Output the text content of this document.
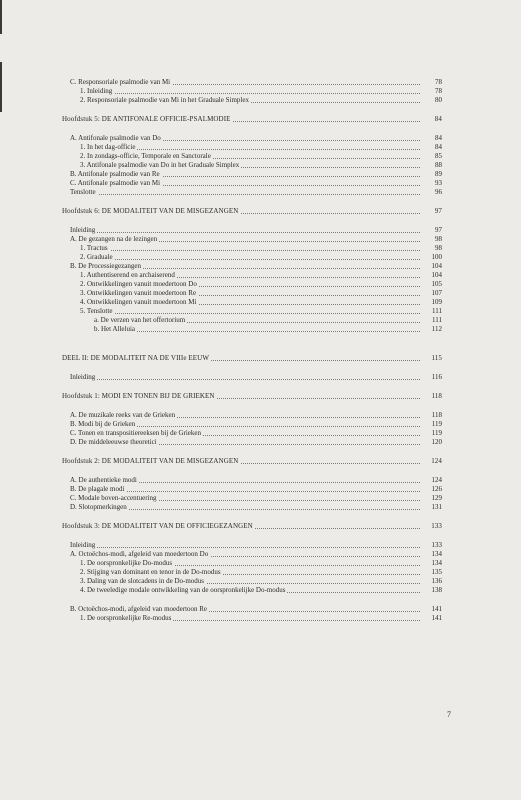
C. Responsoriale psalmodie van Mi	78
1. Inleiding	78
2. Responsoriale psalmodie van Mi in het Graduale Simplex	80
Hoofdstuk 5: DE ANTIFONALE OFFICIE-PSALMODIE	84
A. Antifonale psalmodie van Do	84
1. In het dag-officie	84
2. In zondags-officie, Temporale en Sanctorale	85
3. Antifonale psalmodie van Do in het Graduale Simplex	88
B. Antifonale psalmodie van Re	89
C. Antifonale psalmodie van Mi	93
Tenslotte	96
Hoofdstuk 6: DE MODALITEIT VAN DE MISGEZANGEN	97
Inleiding	97
A. De gezangen na de lezingen	98
1. Tractus	98
2. Graduale	100
B. De Processiegezangen	104
1. Authentiserend en archaiserend	104
2. Ontwikkelingen vanuit moedertoon Do	105
3. Ontwikkelingen vanuit moedertoon Re	107
4. Ontwikkelingen vanuit moedertoon Mi	109
5. Tenslotte	111
a. De verzen van het offertorium	111
b. Het Alleluia	112
DEEL II: DE MODALITEIT NA DE VIIIe EEUW	115
Inleiding	116
Hoofdstuk 1: MODI EN TONEN BIJ DE GRIEKEN	118
A. De muzikale reeks van de Grieken	118
B. Modi bij de Grieken	119
C. Tonen en transpositiereeksen bij de Grieken	119
D. De middeleeuwse theoretici	120
Hoofdstuk 2: DE MODALITEIT VAN DE MISGEZANGEN	124
A. De authentieke modi	124
B. De plagale modi	126
C. Modale boven-accentuering	129
D. Slotopmerkingen	131
Hoofdstuk 3: DE MODALITEIT VAN DE OFFICIEGEZANGEN	133
Inleiding	133
A. Octoëchos-modi, afgeleid van moedertoon Do	134
1. De oorspronkelijke Do-modus	134
2. Stijging van dominant en tenor in de Do-modus	135
3. Daling van de slotcadens in de Do-modus	136
4. De tweeledige modale ontwikkeling van de oorspronkelijke Do-modus	138
B. Octoëchos-modi, afgeleid van moedertoon Re	141
1. De oorspronkelijke Re-modus	141
7
